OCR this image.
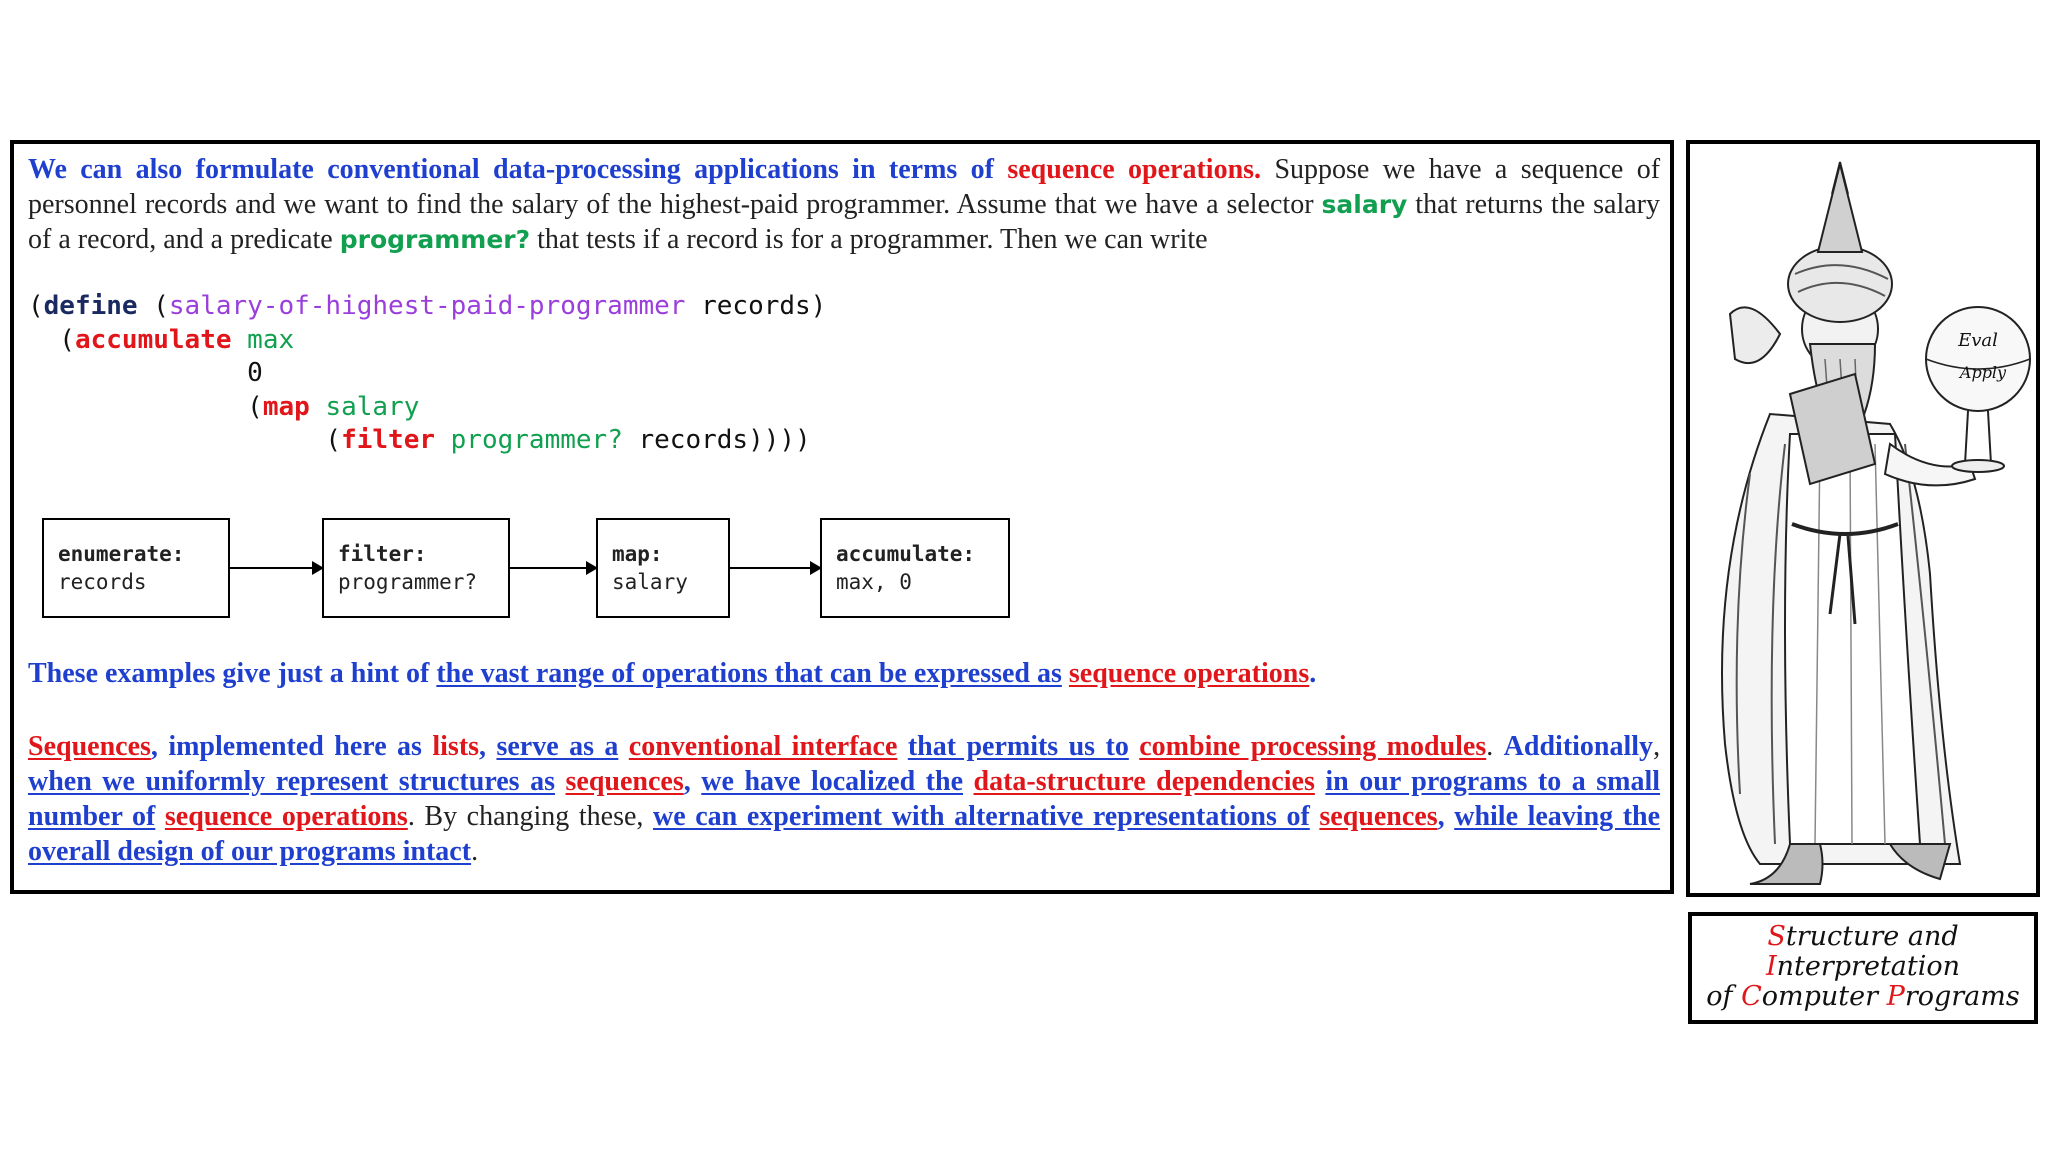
We can also formulate conventional data-processing applications in terms of sequence operations. Suppose we have a sequence of personnel records and we want to find the salary of the highest-paid programmer. Assume that we have a selector salary that returns the salary of a record, and a predicate programmer? that tests if a record is for a programmer. Then we can write

(define (salary-of-highest-paid-programmer records)
(accumulate max
0
(map salary
(filter programmer? records))))
enumerate:
records
filter:
programmer?
map:
salary
accumulate:
max, 0

These examples give just a hint of the vast range of operations that can be expressed as sequence operations.

Sequences, implemented here as lists, serve as a conventional interface that permits us to combine processing modules. Additionally, when we uniformly represent structures as sequences, we have localized the data-structure dependencies in our programs to a small number of sequence operations. By changing these, we can experiment with alternative representations of sequences, while leaving the overall design of our programs intact.

Eval
Apply
Structure and
Interpretation
of Computer Programs
